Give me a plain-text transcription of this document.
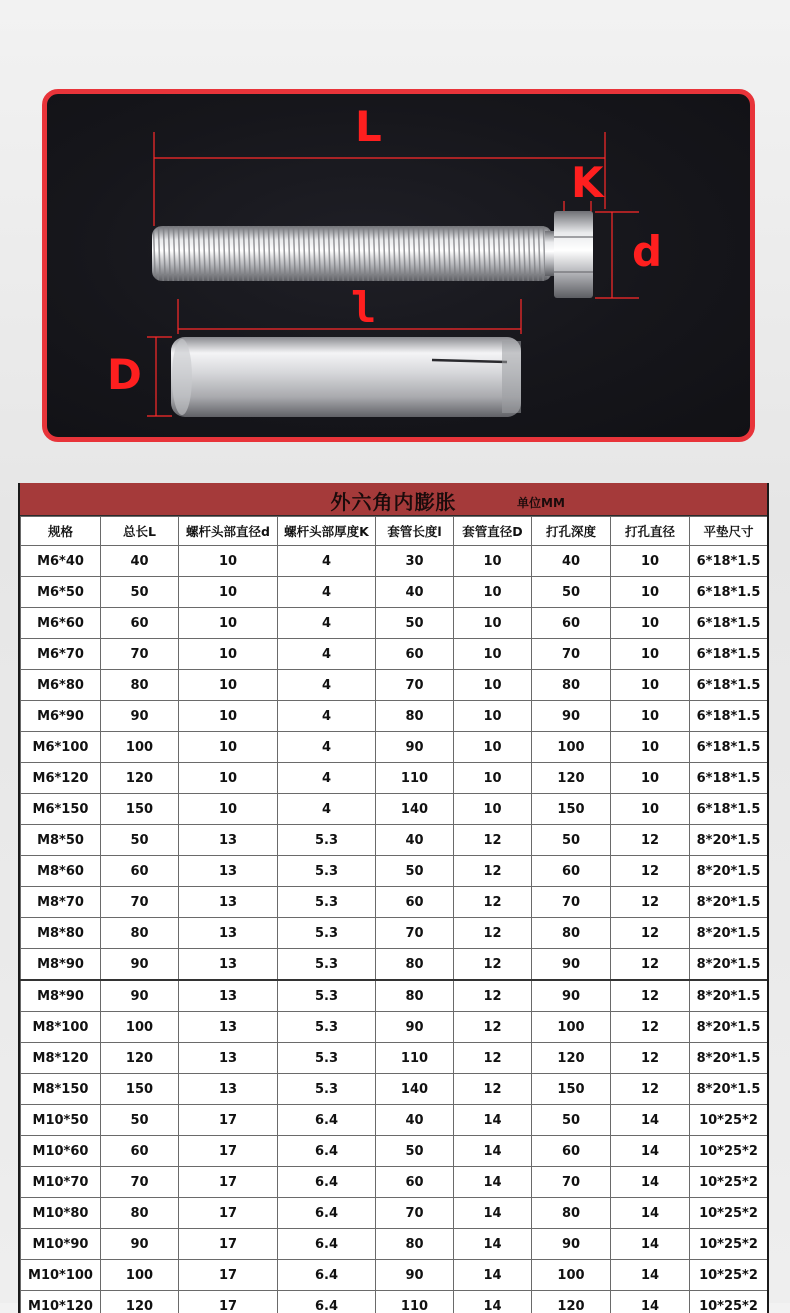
L
K
d
l
D
外六角内膨胀	单位MM
规格	总长L	螺杆头部直径d	螺杆头部厚度K	套管长度l	套管直径D	打孔深度	打孔直径	平垫尺寸
M6*40	40	10	4	30	10	40	10	6*18*1.5
M6*50	50	10	4	40	10	50	10	6*18*1.5
M6*60	60	10	4	50	10	60	10	6*18*1.5
M6*70	70	10	4	60	10	70	10	6*18*1.5
M6*80	80	10	4	70	10	80	10	6*18*1.5
M6*90	90	10	4	80	10	90	10	6*18*1.5
M6*100	100	10	4	90	10	100	10	6*18*1.5
M6*120	120	10	4	110	10	120	10	6*18*1.5
M6*150	150	10	4	140	10	150	10	6*18*1.5
M8*50	50	13	5.3	40	12	50	12	8*20*1.5
M8*60	60	13	5.3	50	12	60	12	8*20*1.5
M8*70	70	13	5.3	60	12	70	12	8*20*1.5
M8*80	80	13	5.3	70	12	80	12	8*20*1.5
M8*90	90	13	5.3	80	12	90	12	8*20*1.5
M8*90	90	13	5.3	80	12	90	12	8*20*1.5
M8*100	100	13	5.3	90	12	100	12	8*20*1.5
M8*120	120	13	5.3	110	12	120	12	8*20*1.5
M8*150	150	13	5.3	140	12	150	12	8*20*1.5
M10*50	50	17	6.4	40	14	50	14	10*25*2
M10*60	60	17	6.4	50	14	60	14	10*25*2
M10*70	70	17	6.4	60	14	70	14	10*25*2
M10*80	80	17	6.4	70	14	80	14	10*25*2
M10*90	90	17	6.4	80	14	90	14	10*25*2
M10*100	100	17	6.4	90	14	100	14	10*25*2
M10*120	120	17	6.4	110	14	120	14	10*25*2
